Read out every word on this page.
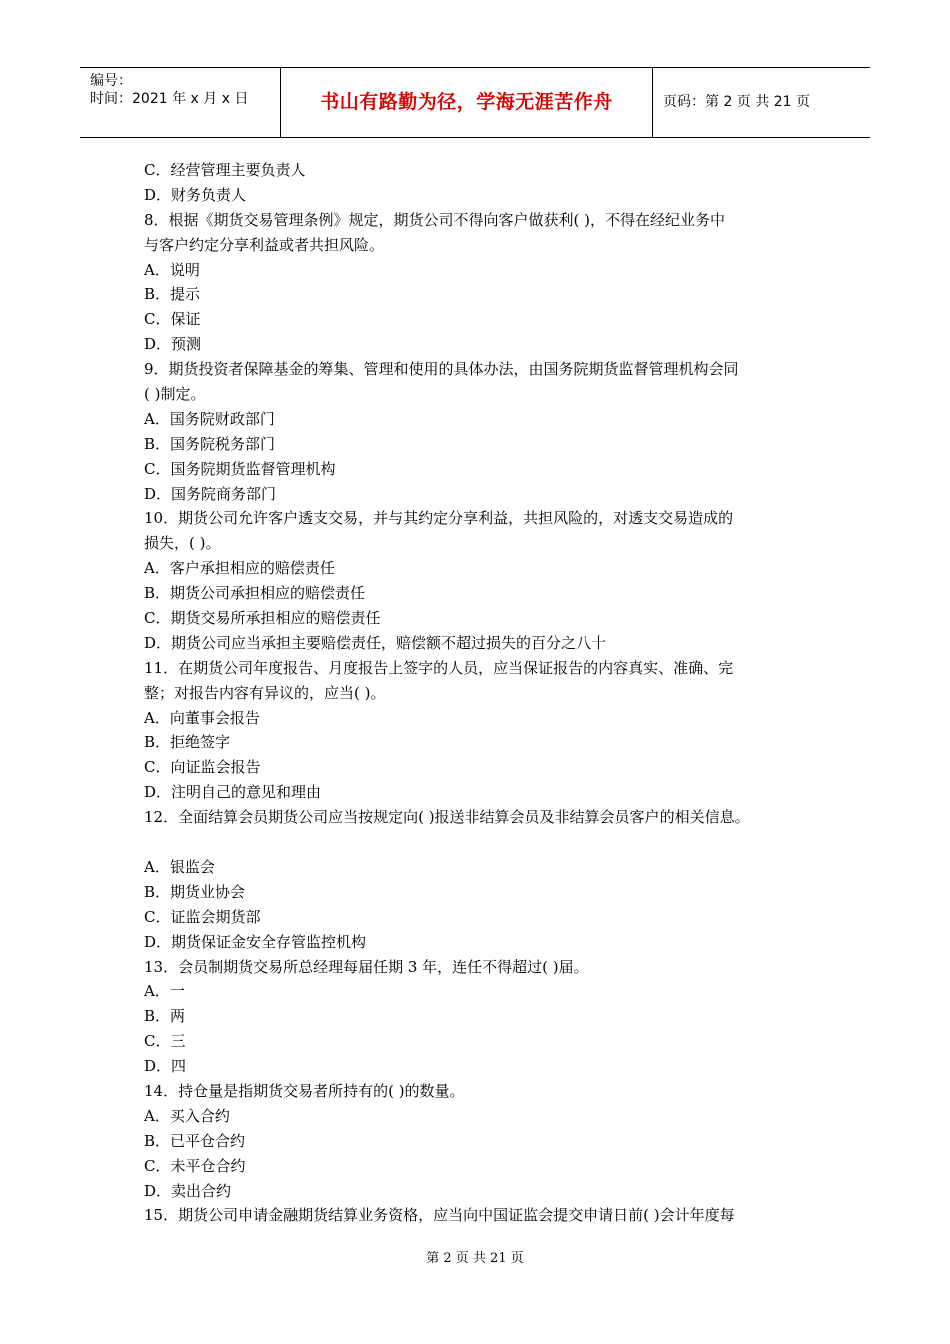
编号：
时间：2021 年 x 月 x 日	书山有路勤为径，学海无涯苦作舟	页码：第 2 页 共 21 页
C．经营管理主要负责人
D．财务负责人
8．根据《期货交易管理条例》规定，期货公司不得向客户做获利( )，不得在经纪业务中
与客户约定分享利益或者共担风险。
A．说明
B．提示
C．保证
D．预测
9．期货投资者保障基金的筹集、管理和使用的具体办法，由国务院期货监督管理机构会同
( )制定。
A．国务院财政部门
B．国务院税务部门
C．国务院期货监督管理机构
D．国务院商务部门
10．期货公司允许客户透支交易，并与其约定分享利益，共担风险的，对透支交易造成的
损失，( )。
A．客户承担相应的赔偿责任
B．期货公司承担相应的赔偿责任
C．期货交易所承担相应的赔偿责任
D．期货公司应当承担主要赔偿责任，赔偿额不超过损失的百分之八十
11．在期货公司年度报告、月度报告上签字的人员，应当保证报告的内容真实、准确、完
整；对报告内容有异议的，应当( )。
A．向董事会报告
B．拒绝签字
C．向证监会报告
D．注明自己的意见和理由
12．全面结算会员期货公司应当按规定向( )报送非结算会员及非结算会员客户的相关信息。
A．银监会
B．期货业协会
C．证监会期货部
D．期货保证金安全存管监控机构
13．会员制期货交易所总经理每届任期 3 年，连任不得超过( )届。
A．一
B．两
C．三
D．四
14．持仓量是指期货交易者所持有的( )的数量。
A．买入合约
B．已平仓合约
C．未平仓合约
D．卖出合约
15．期货公司申请金融期货结算业务资格，应当向中国证监会提交申请日前( )会计年度每
第 2 页 共 21 页
